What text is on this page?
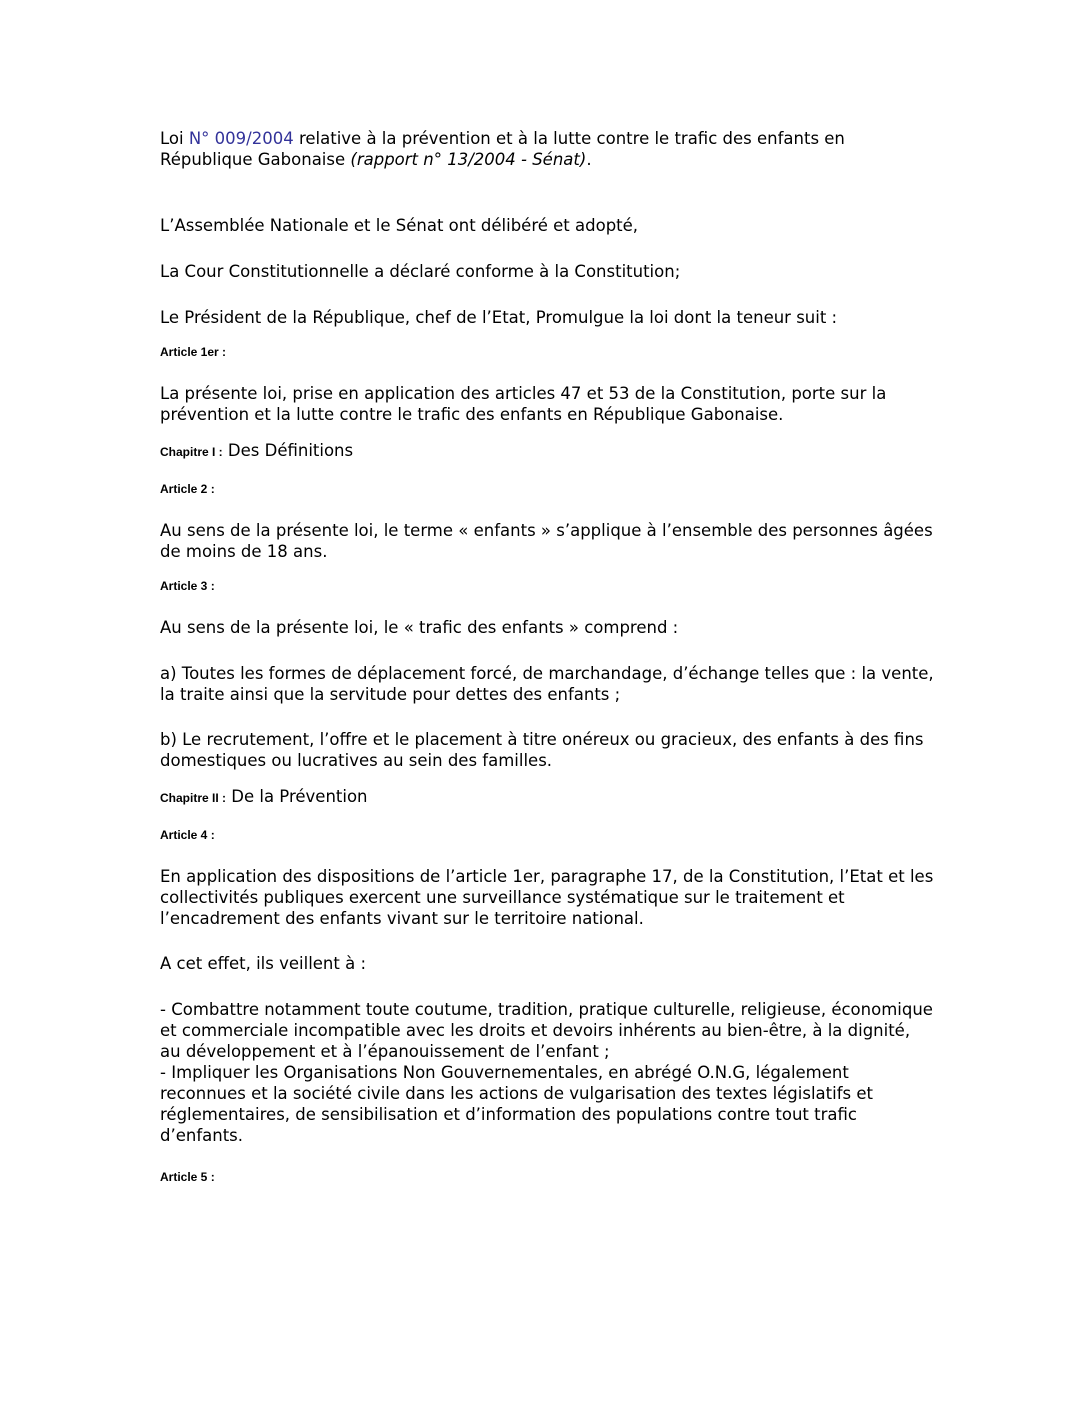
Loi N° 009/2004 relative à la prévention et à la lutte contre le trafic des enfants en
République Gabonaise (rapport n° 13/2004 - Sénat).

L’Assemblée Nationale et le Sénat ont délibéré et adopté,

La Cour Constitutionnelle a déclaré conforme à la Constitution;

Le Président de la République, chef de l’Etat, Promulgue la loi dont la teneur suit :

Article 1er :

La présente loi, prise en application des articles 47 et 53 de la Constitution, porte sur la prévention et la lutte contre le trafic des enfants en République Gabonaise.

Chapitre I : Des Définitions

Article 2 :

Au sens de la présente loi, le terme « enfants » s’applique à l’ensemble des personnes âgées de moins de 18 ans.

Article 3 :

Au sens de la présente loi, le « trafic des enfants » comprend :

a) Toutes les formes de déplacement forcé, de marchandage, d’échange telles que : la vente, la traite ainsi que la servitude pour dettes des enfants ;

b) Le recrutement, l’offre et le placement à titre onéreux ou gracieux, des enfants à des fins domestiques ou lucratives au sein des familles.

Chapitre II : De la Prévention

Article 4 :

En application des dispositions de l’article 1er, paragraphe 17, de la Constitution, l’Etat et les collectivités publiques exercent une surveillance systématique sur le traitement et l’encadrement des enfants vivant sur le territoire national.

A cet effet, ils veillent à :

- Combattre notamment toute coutume, tradition, pratique culturelle, religieuse, économique et commerciale incompatible avec les droits et devoirs inhérents au bien-être, à la dignité, au développement et à l’épanouissement de l’enfant ;

- Impliquer les Organisations Non Gouvernementales, en abrégé O.N.G, légalement reconnues et la société civile dans les actions de vulgarisation des textes législatifs et réglementaires, de sensibilisation et d’information des populations contre tout trafic d’enfants.

Article 5 :
